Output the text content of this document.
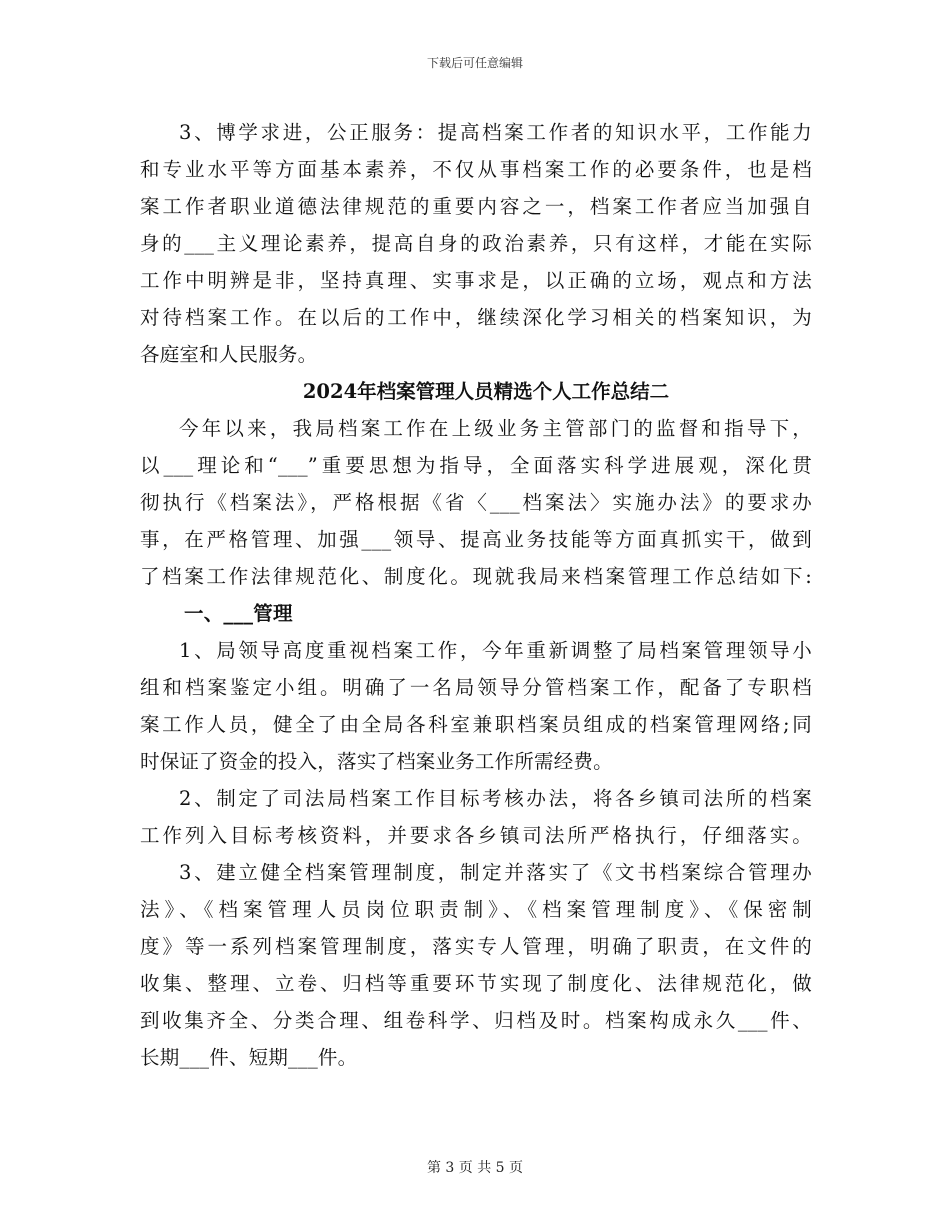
下载后可任意编辑
3、博学求进，公正服务：提高档案工作者的知识水平，工作能力
和专业水平等方面基本素养，不仅从事档案工作的必要条件，也是档
案工作者职业道德法律规范的重要内容之一，档案工作者应当加强自
身的___主义理论素养，提高自身的政治素养，只有这样，才能在实际
工作中明辨是非，坚持真理、实事求是，以正确的立场，观点和方法
对待档案工作。在以后的工作中，继续深化学习相关的档案知识，为
各庭室和人民服务。
2024年档案管理人员精选个人工作总结二
今年以来，我局档案工作在上级业务主管部门的监督和指导下，
以___理论和“___”重要思想为指导，全面落实科学进展观，深化贯
彻执行《档案法》，严格根据《省〈___档案法〉实施办法》的要求办
事，在严格管理、加强___领导、提高业务技能等方面真抓实干，做到
了档案工作法律规范化、制度化。现就我局来档案管理工作总结如下:
一、___管理
1、局领导高度重视档案工作，今年重新调整了局档案管理领导小
组和档案鉴定小组。明确了一名局领导分管档案工作，配备了专职档
案工作人员，健全了由全局各科室兼职档案员组成的档案管理网络;同
时保证了资金的投入，落实了档案业务工作所需经费。
2、制定了司法局档案工作目标考核办法，将各乡镇司法所的档案
工作列入目标考核资料，并要求各乡镇司法所严格执行，仔细落实。
3、建立健全档案管理制度，制定并落实了《文书档案综合管理办
法》、《档案管理人员岗位职责制》、《档案管理制度》、《保密制
度》等一系列档案管理制度，落实专人管理，明确了职责，在文件的
收集、整理、立卷、归档等重要环节实现了制度化、法律规范化，做
到收集齐全、分类合理、组卷科学、归档及时。档案构成永久___件、
长期___件、短期___件。
第 3 页 共 5 页
